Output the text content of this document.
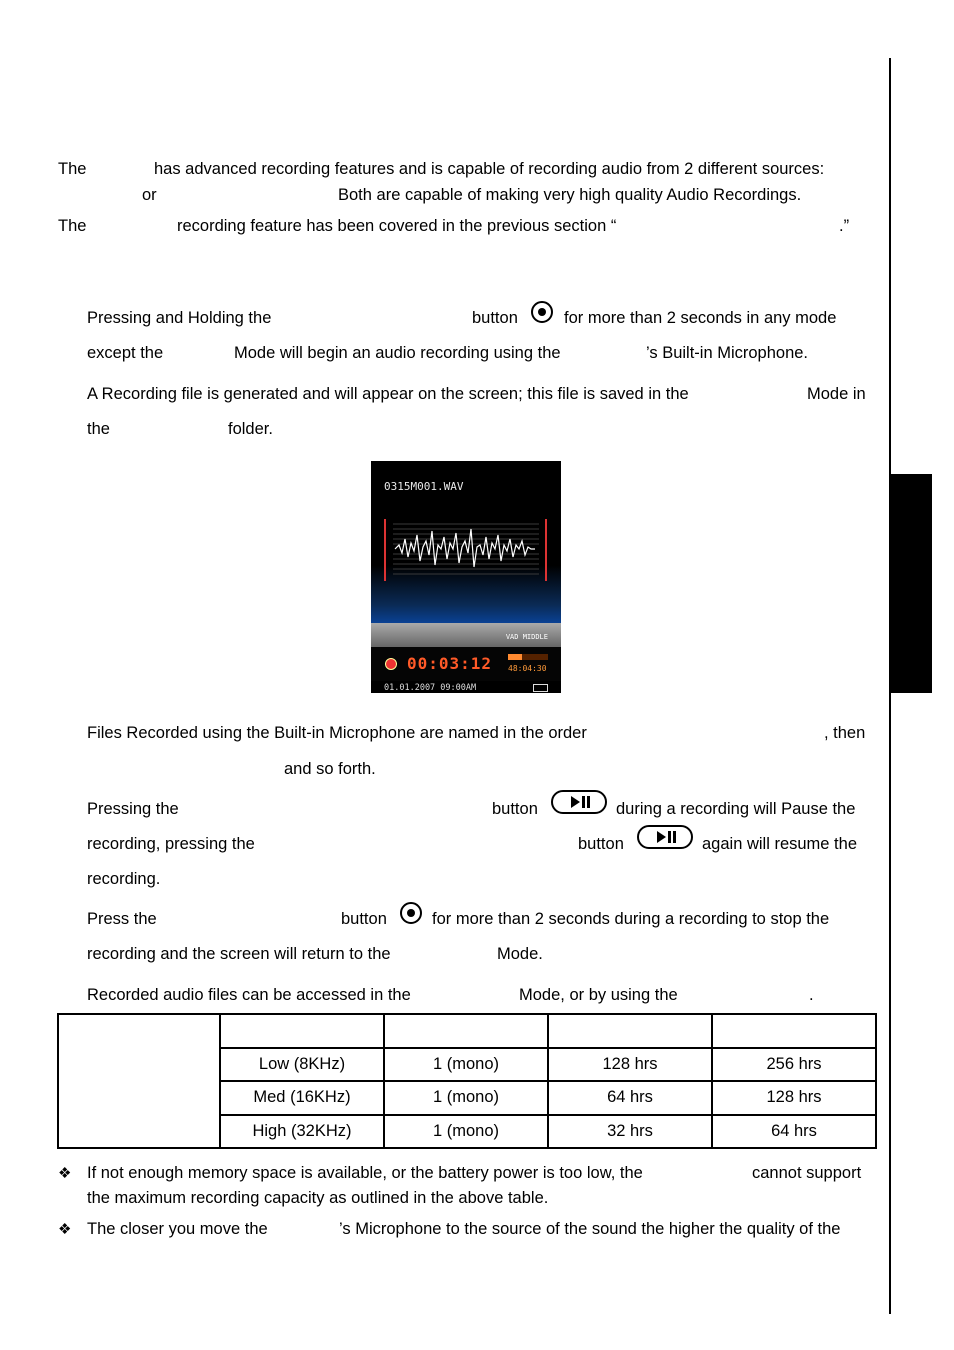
The	has advanced recording features and is capable of recording audio from 2 different sources:
or	Both are capable of making very high quality Audio Recordings.
The	recording feature has been covered in the previous section “	.”
Pressing and Holding the	button	for more than 2 seconds in any mode
except the	Mode will begin an audio recording using the	’s Built-in Microphone.
A Recording file is generated and will appear on the screen; this file is saved in the	Mode in
the	folder.
0315M001.WAV
VAD MIDDLE
00:03:12 48:04:30
01.01.2007 09:00AM
Files Recorded using the Built-in Microphone are named in the order	, then
and so forth.
Pressing the	button	during a recording will Pause the
recording, pressing the	button	again will resume the
recording.
Press the	button	for more than 2 seconds during a recording to stop the
recording and the screen will return to the	Mode.
Recorded audio files can be accessed in the	Mode, or by using the	.

	Low (8KHz)	1 (mono)	128 hrs	256 hrs
	Med (16KHz)	1 (mono)	64 hrs	128 hrs
	High (32KHz)	1 (mono)	32 hrs	64 hrs
❖ If not enough memory space is available, or the battery power is too low, the	cannot support
the maximum recording capacity as outlined in the above table.
❖ The closer you move the	’s Microphone to the source of the sound the higher the quality of the
